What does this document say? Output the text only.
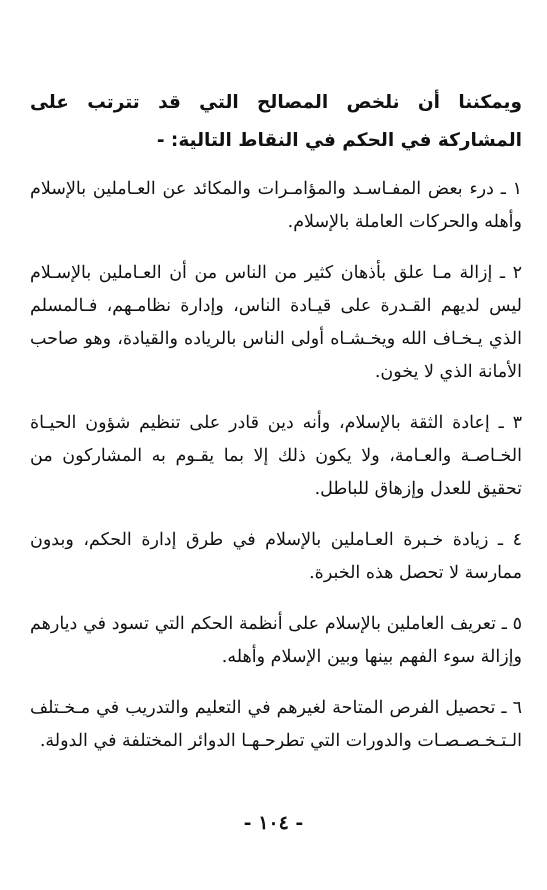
ويمكننا أن نلخص المصالح التي قد تترتب على المشاركة في الحكم في النقاط التالية: -

١ ـ درء بعض المفـاسـد والمؤامـرات والمكائد عن العـاملين بالإسلام وأهله والحركات العاملة بالإسلام.

٢ ـ إزالة مـا علق بأذهان كثير من الناس من أن العـاملين بالإسـلام ليس لديهم القـدرة على قيـادة الناس، وإدارة نظامـهم، فـالمسلم الذي يـخـاف الله ويخـشـاه أولى الناس بالرياده والقيادة، وهو صاحب الأمانة الذي لا يخون.

٣ ـ إعادة الثقة بالإسلام، وأنه دين قادر على تنظيم شؤون الحيـاة الخـاصـة والعـامة، ولا يكون ذلك إلا بما يقـوم به المشاركون من تحقيق للعدل وإزهاق للباطل.

٤ ـ زيادة خـبرة العـاملين بالإسلام في طرق إدارة الحكم، وبدون ممارسة لا تحصل هذه الخبرة.

٥ ـ تعريف العاملين بالإسلام على أنظمة الحكم التي تسود في ديارهم وإزالة سوء الفهم بينها وبين الإسلام وأهله.

٦ ـ تحصيل الفرص المتاحة لغيرهم في التعليم والتدريب في مـخـتلف الـتـخـصـصـات والدورات التي تطرحـهـا الدوائر المختلفة في الدولة.

- ١٠٤ -
